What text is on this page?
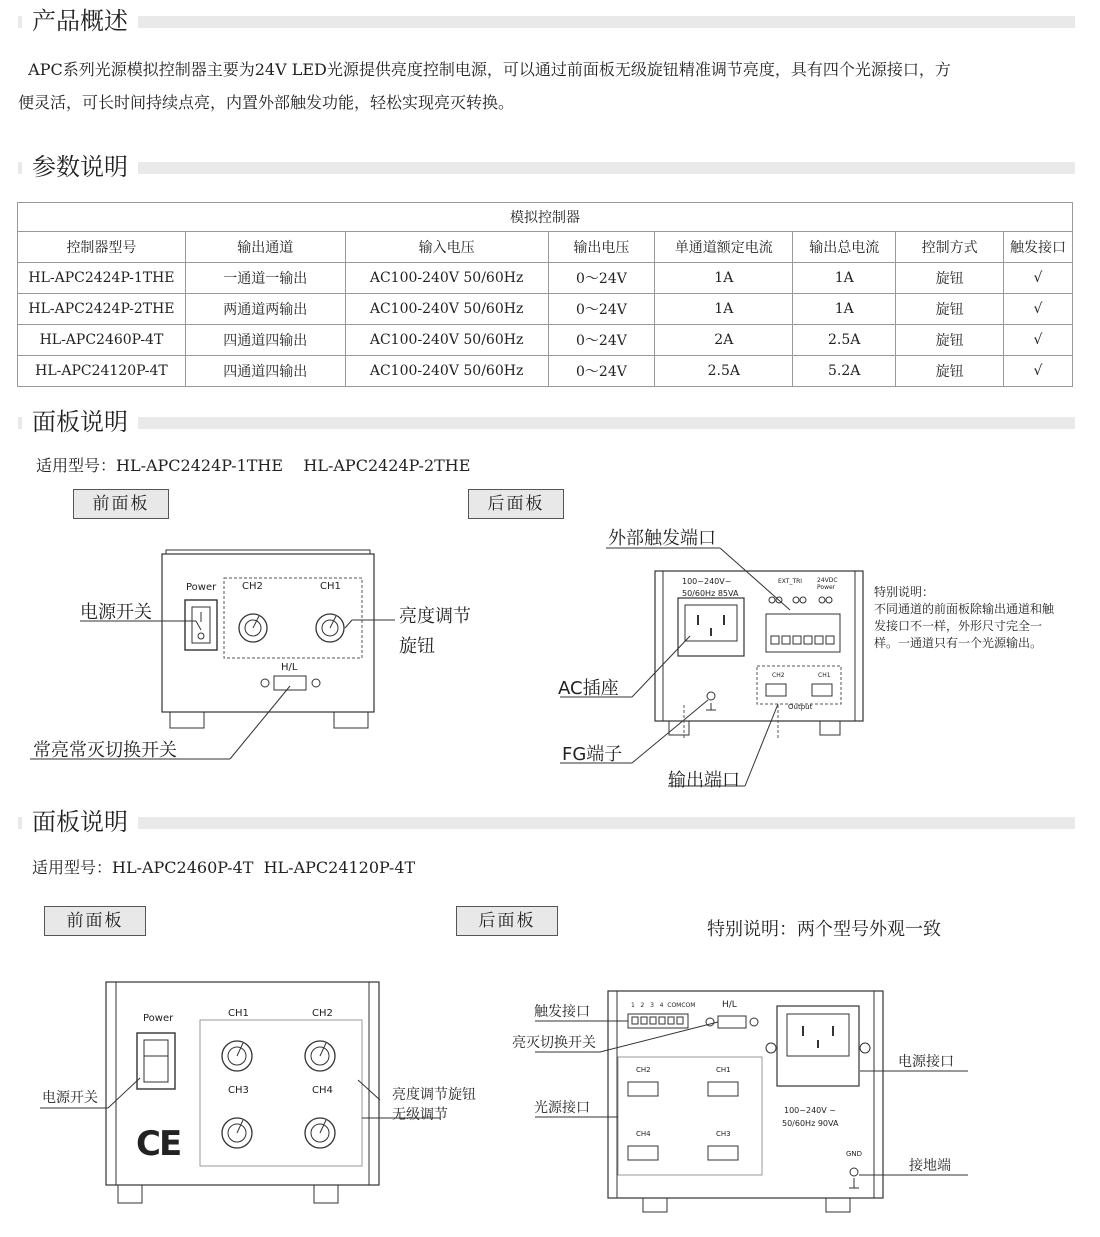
产品概述
APC系列光源模拟控制器主要为24V LED光源提供亮度控制电源，可以通过前面板无级旋钮精准调节亮度，具有四个光源接口，方
便灵活，可长时间持续点亮，内置外部触发功能，轻松实现亮灭转换。
参数说明
模拟控制器							
控制器型号	输出通道	输入电压	输出电压	单通道额定电流	输出总电流	控制方式	触发接口
HL-APC2424P-1THE	一通道一输出	AC100-240V 50/60Hz	0～24V	1A	1A	旋钮	√
HL-APC2424P-2THE	两通道两输出	AC100-240V 50/60Hz	0～24V	1A	1A	旋钮	√
HL-APC2460P-4T	四通道四输出	AC100-240V 50/60Hz	0～24V	2A	2.5A	旋钮	√
HL-APC24120P-4T	四通道四输出	AC100-240V 50/60Hz	0～24V	2.5A	5.2A	旋钮	√
面板说明
适用型号：HL-APC2424P-1THE    HL-APC2424P-2THE
前面板	后面板
Power	CH2	CH1
H/L
电源开关	亮度调节
旋钮
常亮常灭切换开关
外部触发端口
AC插座
FG端子
输出端口
100~240V~
50/60Hz 85VA
EXT_TRI 24VDC Power
CH2	CH1
Output
特别说明：
不同通道的前面板除输出通道和触
发接口不一样，外形尺寸完全一
样。一通道只有一个光源输出。
面板说明
适用型号：HL-APC2460P-4T  HL-APC24120P-4T
前面板	后面板	特别说明：两个型号外观一致
Power	CH1	CH2
CH3	CH4
CE
电源开关	亮度调节旋钮
无级调节
触发接口
亮灭切换开关
光源接口
电源接口
接地端
1   2   3   4  COMCOM	H/L
CH2	CH1
CH4	CH3
100~240V ~
50/60Hz 90VA
GND
